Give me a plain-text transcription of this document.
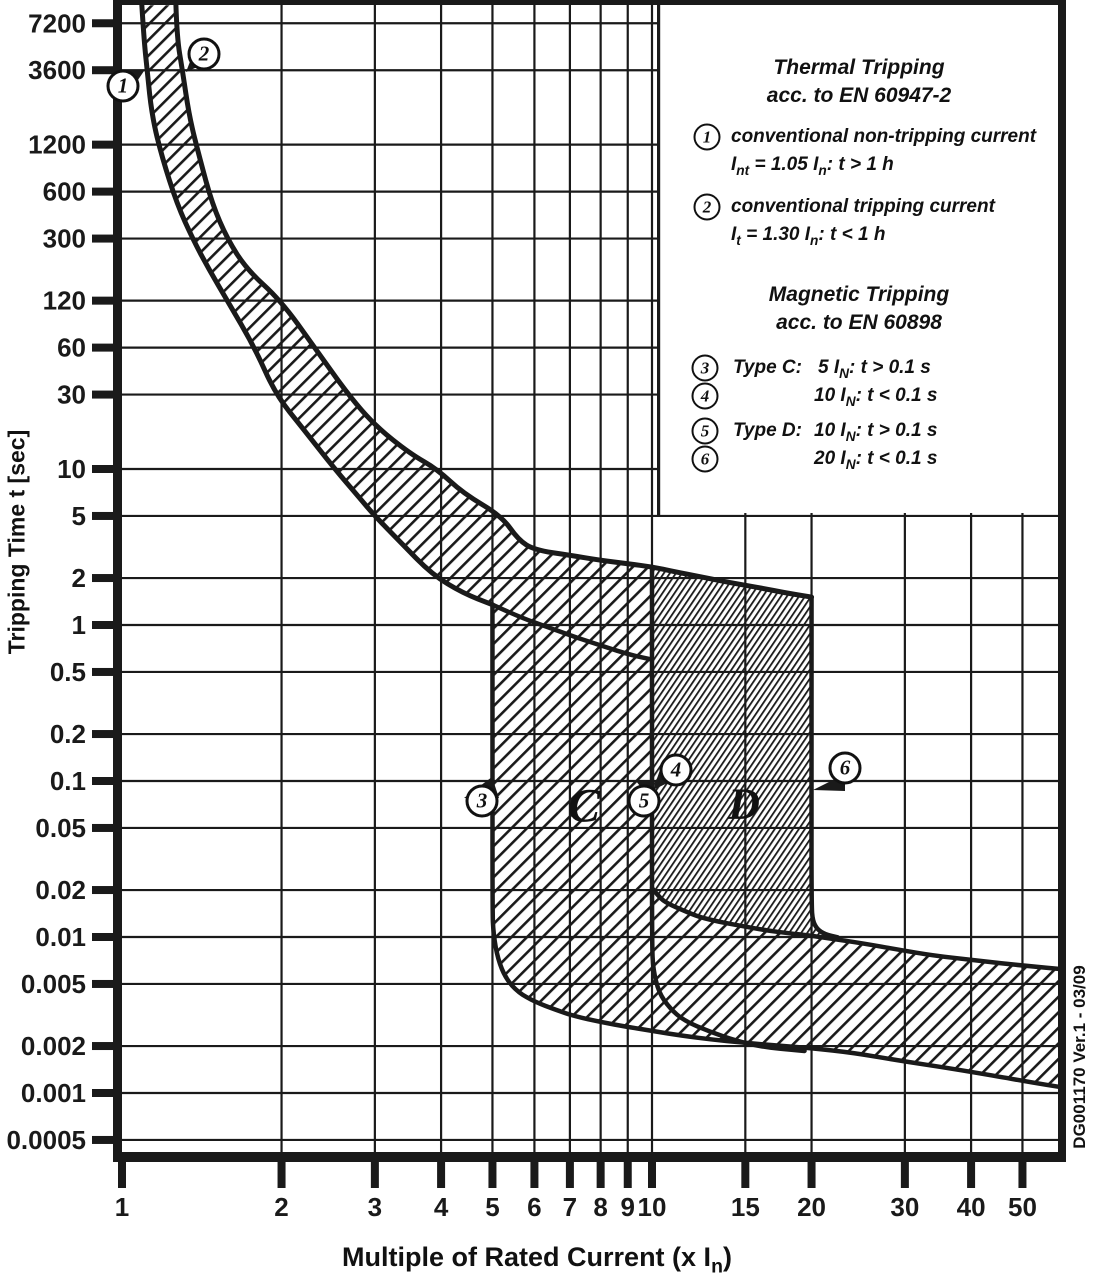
7200
3600
1200
600
300
120
60
30
10
5
2
1
0.5
0.2
0.1
0.05
0.02
0.01
0.005
0.002
0.001
0.0005
1	2	3 4 5 6 7 8 9 10 15 20 30 40 50
C	D
Tripping Time t [sec]
Multiple of Rated Current (x $I_n$)
DG001170 Ver.1 - 03/09
Thermal Tripping
acc. to EN 60947-2
1	conventional non-tripping current
$I_{nt} = 1.05$ $I_n$: t > 1 h
2	conventional tripping current
$I_t = 1.30$ $I_n$: t < 1 h
Magnetic Tripping
acc. to EN 60898
3	Type C: 5 $I_N$: t > 0.1 s
4	10 $I_N$: t < 0.1 s
5	Type D: 10 $I_N$: t > 0.1 s
6	20 $I_N$: t < 0.1 s
1
2
3
4
5
6
